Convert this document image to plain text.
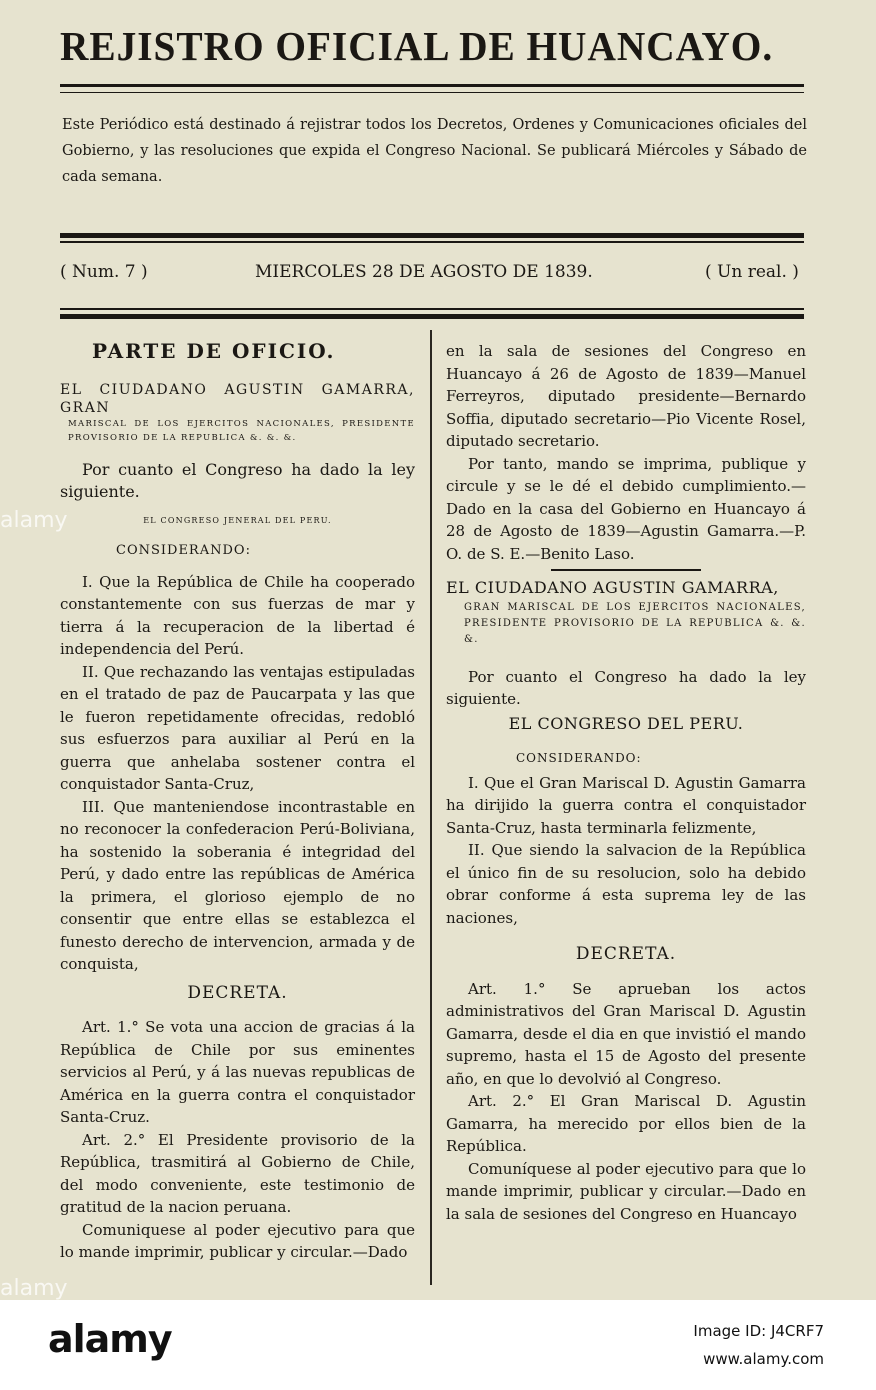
REJISTRO OFICIAL DE HUANCAYO.
Este Periódico está destinado á rejistrar todos los Decretos, Ordenes y Comunicaciones oficiales del Gobierno, y las resoluciones que expida el Congreso Nacional. Se publicará Miércoles y Sábado de cada semana.
( Num. 7 )	MIERCOLES 28 DE AGOSTO DE 1839.	( Un real. )
PARTE DE OFICIO.
EL CIUDADANO AGUSTIN GAMARRA, GRAN
MARISCAL DE LOS EJERCITOS NACIONALES, PRESIDENTE PROVISORIO DE LA REPUBLICA &. &. &.

Por cuanto el Congreso ha dado la ley siguiente.

EL CONGRESO JENERAL DEL PERU.
CONSIDERANDO:

I. Que la República de Chile ha cooperado constantemente con sus fuerzas de mar y tierra á la recuperacion de la libertad é independencia del Perú.

II. Que rechazando las ventajas estipuladas en el tratado de paz de Paucarpata y las que le fueron repetidamente ofrecidas, redobló sus esfuerzos para auxiliar al Perú en la guerra que anhelaba sostener contra el conquistador Santa-Cruz,

III. Que manteniendose incontrastable en no reconocer la confederacion Perú-Boliviana, ha sostenido la soberania é integridad del Perú, y dado entre las repúblicas de América la primera, el glorioso ejemplo de no consentir que entre ellas se establezca el funesto derecho de intervencion, armada y de conquista,

DECRETA.

Art. 1.° Se vota una accion de gracias á la República de Chile por sus eminentes servicios al Perú, y á las nuevas republicas de América en la guerra contra el conquistador Santa-Cruz.

Art. 2.° El Presidente provisorio de la República, trasmitirá al Gobierno de Chile, del modo conveniente, este testimonio de gratitud de la nacion peruana.

Comuniquese al poder ejecutivo para que lo mande imprimir, publicar y circular.—Dado

en la sala de sesiones del Congreso en Huancayo á 26 de Agosto de 1839—Manuel Ferreyros, diputado presidente—Bernardo Soffia, diputado secretario—Pio Vicente Rosel, diputado secretario.

Por tanto, mando se imprima, publique y circule y se le dé el debido cumplimiento.—Dado en la casa del Gobierno en Huancayo á 28 de Agosto de 1839—Agustin Gamarra.—P. O. de S. E.—Benito Laso.

EL CIUDADANO AGUSTIN GAMARRA,
GRAN MARISCAL DE LOS EJERCITOS NACIONALES, PRESIDENTE PROVISORIO DE LA REPUBLICA &. &. &.

Por cuanto el Congreso ha dado la ley siguiente.

EL CONGRESO DEL PERU.
CONSIDERANDO:

I. Que el Gran Mariscal D. Agustin Gamarra ha dirijido la guerra contra el conquistador Santa-Cruz, hasta terminarla felizmente,

II. Que siendo la salvacion de la República el único fin de su resolucion, solo ha debido obrar conforme á esta suprema ley de las naciones,

DECRETA.

Art. 1.° Se aprueban los actos administrativos del Gran Mariscal D. Agustin Gamarra, desde el dia en que invistió el mando supremo, hasta el 15 de Agosto del presente año, en que lo devolvió al Congreso.

Art. 2.° El Gran Mariscal D. Agustin Gamarra, ha merecido por ellos bien de la República.

Comuníquese al poder ejecutivo para que lo mande imprimir, publicar y circular.—Dado en la sala de sesiones del Congreso en Huancayo

alamy
alamy
alamy	Image ID: J4CRF7
www.alamy.com
